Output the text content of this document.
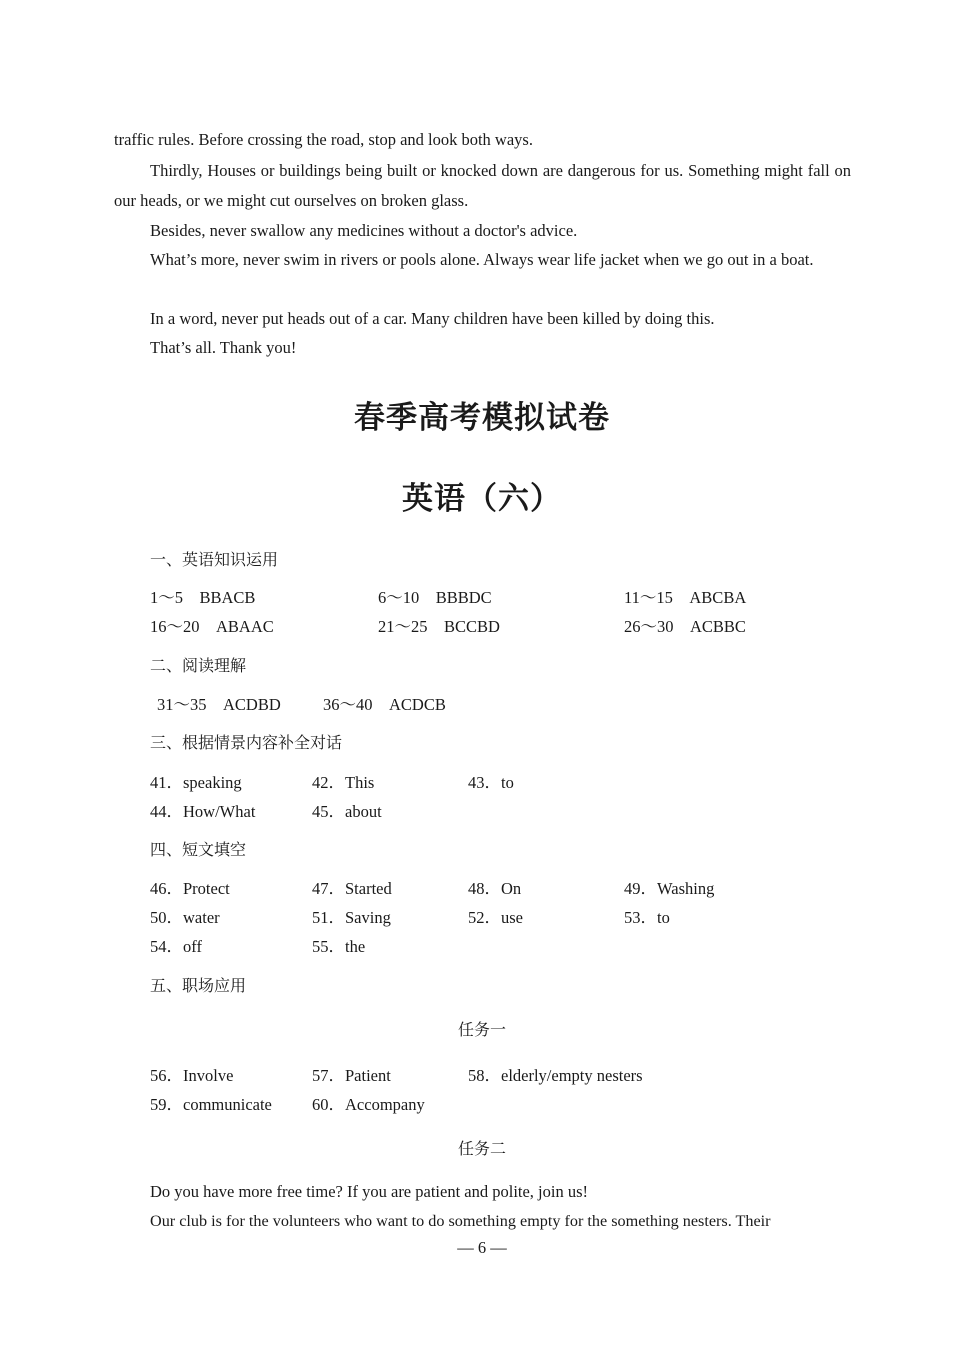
traffic rules. Before crossing the road, stop and look both ways.

Thirdly, Houses or buildings being built or knocked down are dangerous for us. Something might fall on our heads, or we might cut ourselves on broken glass.

Besides, never swallow any medicines without a doctor's advice.

What’s more, never swim in rivers or pools alone. Always wear life jacket when we go out in a boat.

In a word, never put heads out of a car. Many children have been killed by doing this.

That’s all. Thank you!

春季高考模拟试卷
英语（六）

一、英语知识运用

1～5　BBACB	6～10　BBBDC	11～15　ABCBA

16～20　ABAAC	21～25　BCCBD	26～30　ACBBC

二、阅读理解

31～35　ACDBD	36～40　ACDCB

三、根据情景内容补全对话

41．speaking	42．This	43．to

44．How/What	45．about

四、短文填空

46．Protect	47．Started	48．On	49．Washing

50．water	51．Saving	52．use	53．to

54．off	55．the

五、职场应用

任务一

56．Involve	57．Patient	58．elderly/empty nesters

59．communicate 60．Accompany

任务二

Do you have more free time? If you are patient and polite, join us!

Our club is for the volunteers who want to do something empty for the something nesters. Their

— 6 —
